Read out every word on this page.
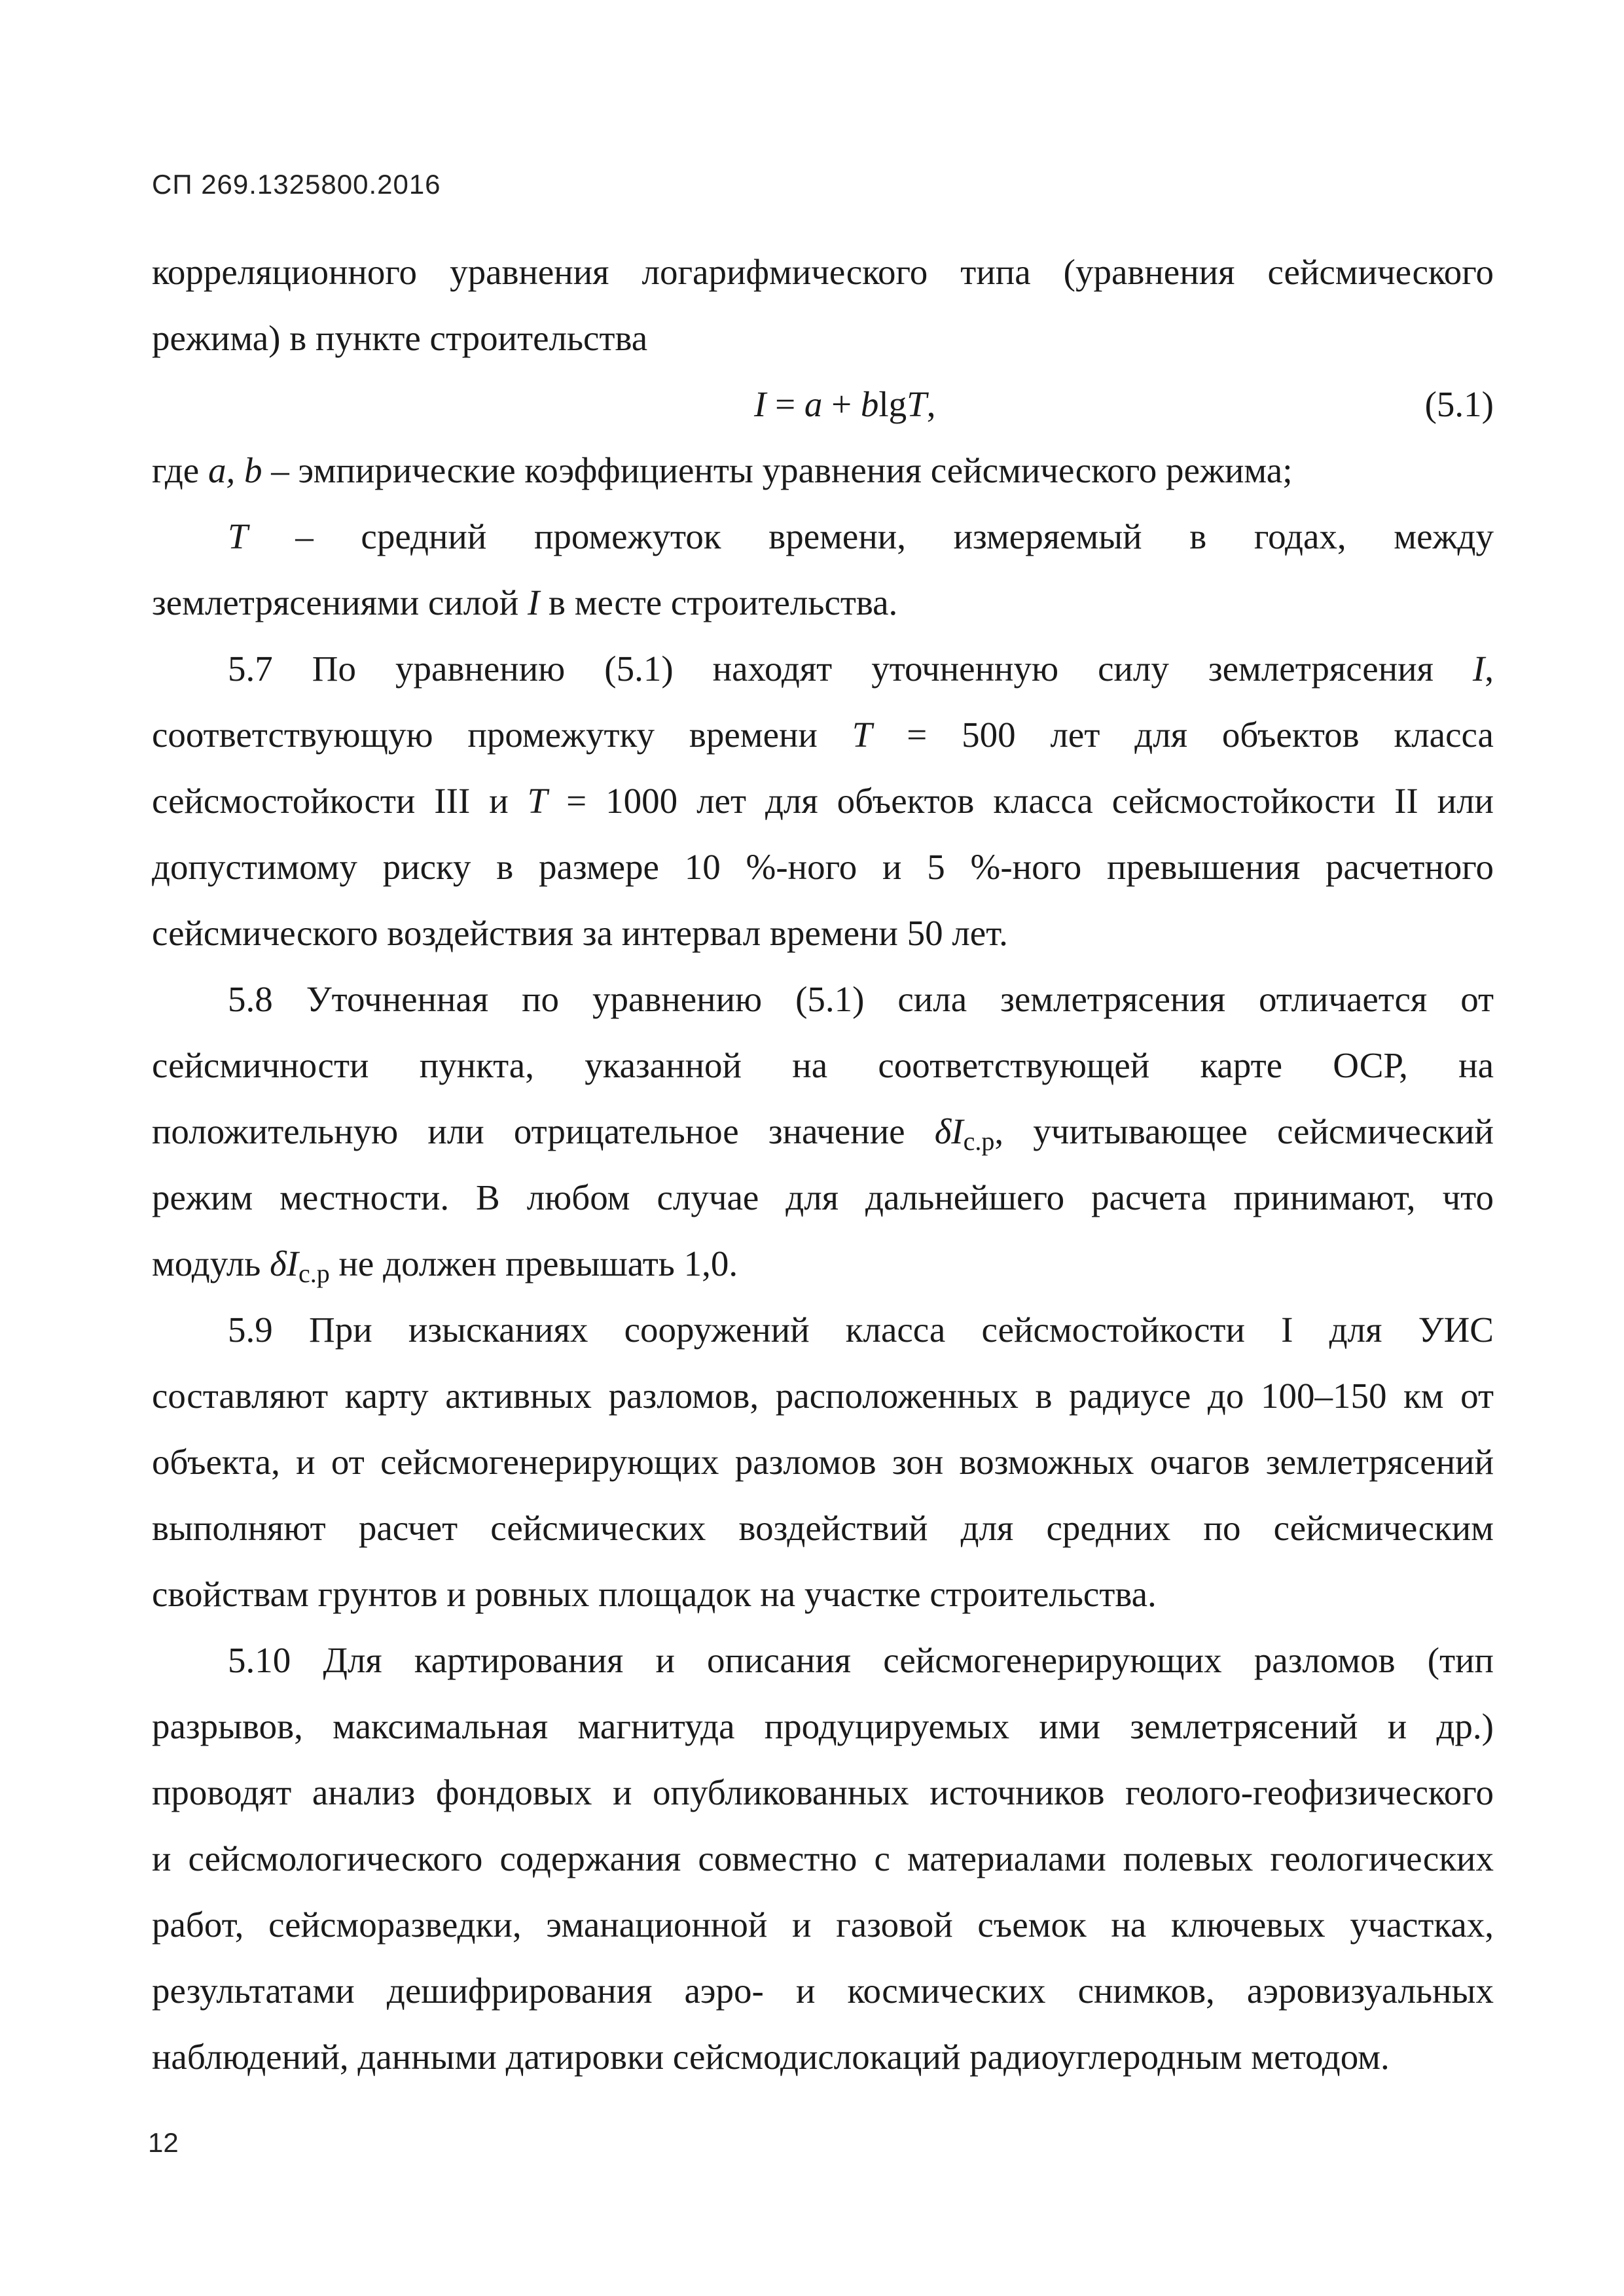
СП 269.1325800.2016
корреляционного уравнения логарифмического типа (уравнения сейсмического
режима) в пункте строительства
I = a + blgT,	(5.1)
где a, b – эмпирические коэффициенты уравнения сейсмического режима;
T – средний промежуток времени, измеряемый в годах, между
землетрясениями силой I в месте строительства.
5.7 По уравнению (5.1) находят уточненную силу землетрясения I,
соответствующую промежутку времени T = 500 лет для объектов класса
сейсмостойкости III и T = 1000 лет для объектов класса сейсмостойкости II или
допустимому риску в размере 10 %-ного и 5 %-ного превышения расчетного
сейсмического воздействия за интервал времени 50 лет.
5.8 Уточненная по уравнению (5.1) сила землетрясения отличается от
сейсмичности пункта, указанной на соответствующей карте ОСР, на
положительную или отрицательное значение $\delta I_{с.р}$, учитывающее сейсмический
режим местности. В любом случае для дальнейшего расчета принимают, что
модуль $\delta I_{с.р}$ не должен превышать 1,0.
5.9 При изысканиях сооружений класса сейсмостойкости I для УИС
составляют карту активных разломов, расположенных в радиусе до 100–150 км от
объекта, и от сейсмогенерирующих разломов зон возможных очагов землетрясений
выполняют расчет сейсмических воздействий для средних по сейсмическим
свойствам грунтов и ровных площадок на участке строительства.
5.10 Для картирования и описания сейсмогенерирующих разломов (тип
разрывов, максимальная магнитуда продуцируемых ими землетрясений и др.)
проводят анализ фондовых и опубликованных источников геолого-геофизического
и сейсмологического содержания совместно с материалами полевых геологических
работ, сейсморазведки, эманационной и газовой съемок на ключевых участках,
результатами дешифрирования аэро- и космических снимков, аэровизуальных
наблюдений, данными датировки сейсмодислокаций радиоуглеродным методом.
12
